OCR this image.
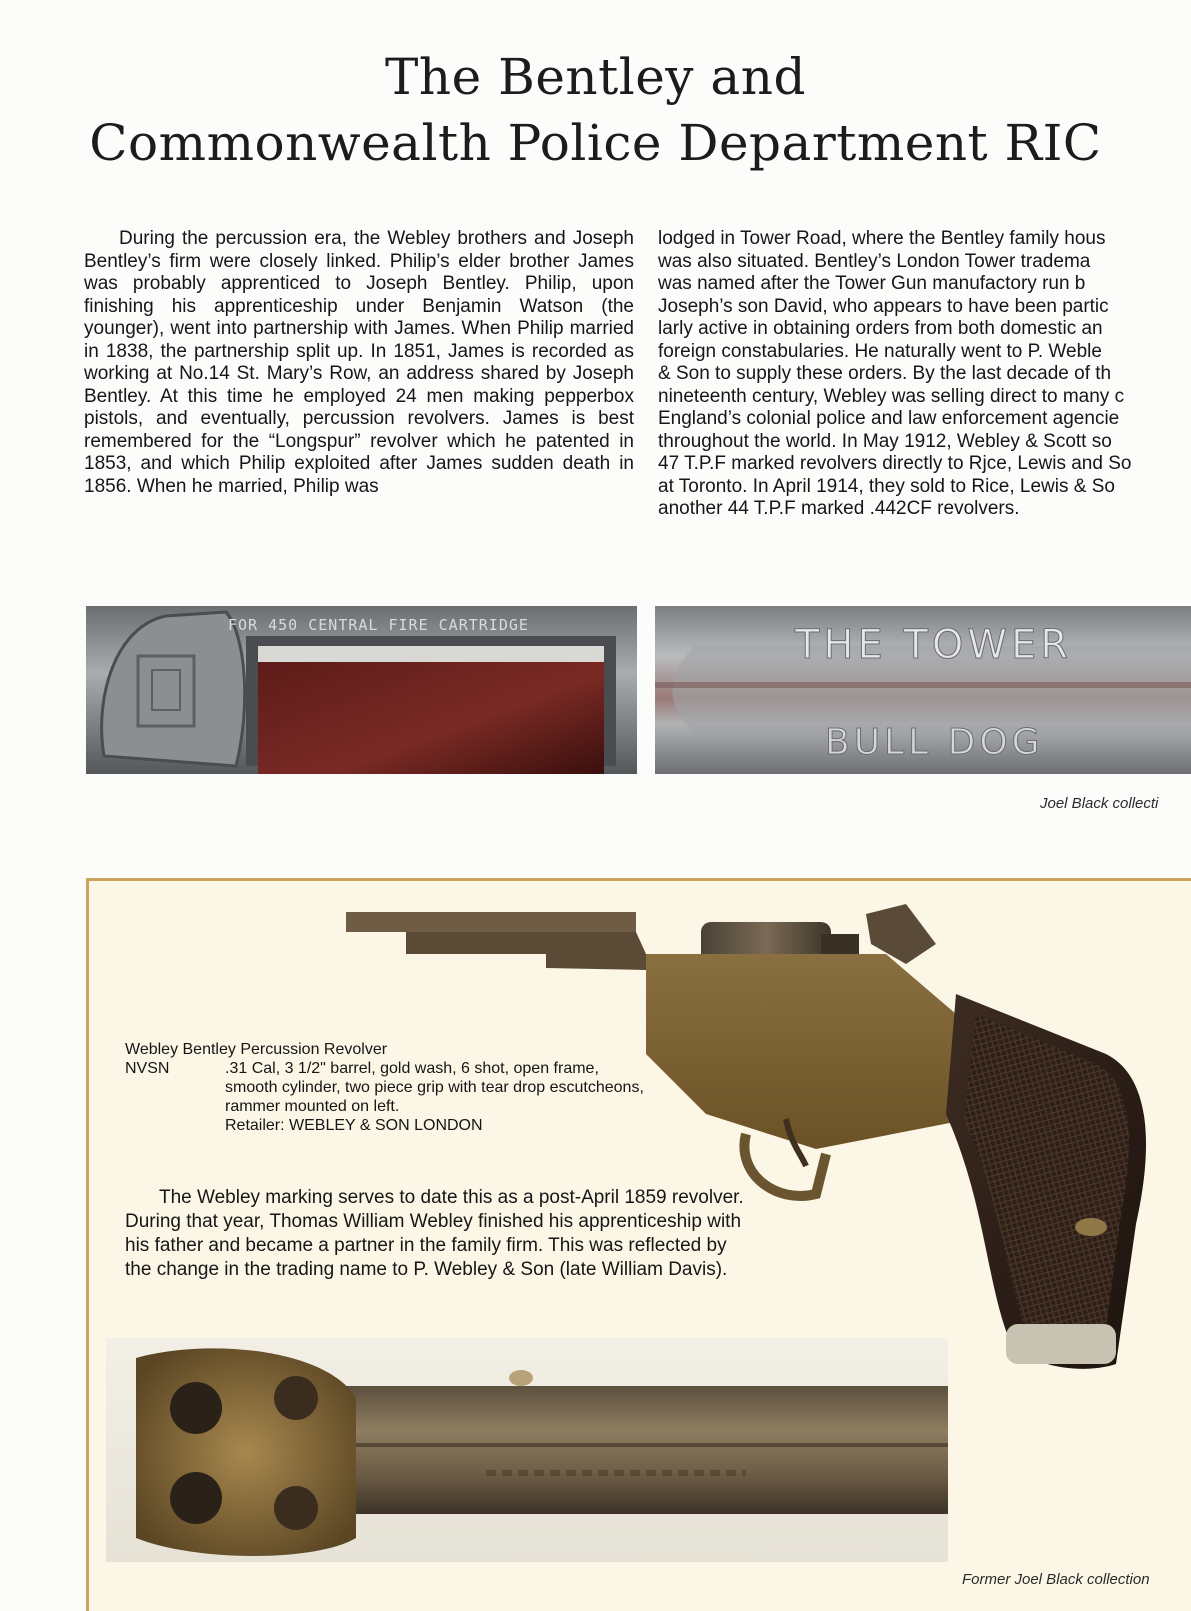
The Bentley and
Commonwealth Police Department RIC

During the percussion era, the Webley brothers and Joseph Bentley’s firm were closely linked. Philip’s elder brother James was probably apprenticed to Joseph Bentley. Philip, upon finishing his apprenticeship under Benjamin Watson (the younger), went into partnership with James. When Philip married in 1838, the partnership split up. In 1851, James is recorded as working at No.14 St. Mary’s Row, an address shared by Joseph Bentley. At this time he employed 24 men making pepperbox pistols, and eventually, percussion revolvers. James is best remembered for the “Longspur” revolver which he patented in 1853, and which Philip exploited after James sudden death in 1856. When he married, Philip was

lodged in Tower Road, where the Bentley family hous

was also situated. Bentley’s London Tower tradema

was named after the Tower Gun manufactory run b

Joseph’s son David, who appears to have been partic

larly active in obtaining orders from both domestic an

foreign constabularies. He naturally went to P. Weble

& Son to supply these orders. By the last decade of th

nineteenth century, Webley was selling direct to many c

England’s colonial police and law enforcement agencie

throughout the world. In May 1912, Webley & Scott so

47 T.P.F marked revolvers directly to Rjce, Lewis and So

at Toronto. In April 1914, they sold to Rice, Lewis & So

another 44 T.P.F marked .442CF revolvers.

FOR 450 CENTRAL FIRE CARTRIDGE	THE TOWER
BULL DOG
Joel Black collecti

Webley Bentley Percussion Revolver

NVSN	.31 Cal, 3 1/2" barrel, gold wash, 6 shot, open frame, smooth cylinder, two piece grip with tear drop escutcheons, rammer mounted on left.

Retailer: WEBLEY & SON LONDON

The Webley marking serves to date this as a post-April 1859 revolver. During that year, Thomas William Webley finished his apprenticeship with his father and became a partner in the family firm. This was reflected by the change in the trading name to P. Webley & Son (late William Davis).

Former Joel Black collection
